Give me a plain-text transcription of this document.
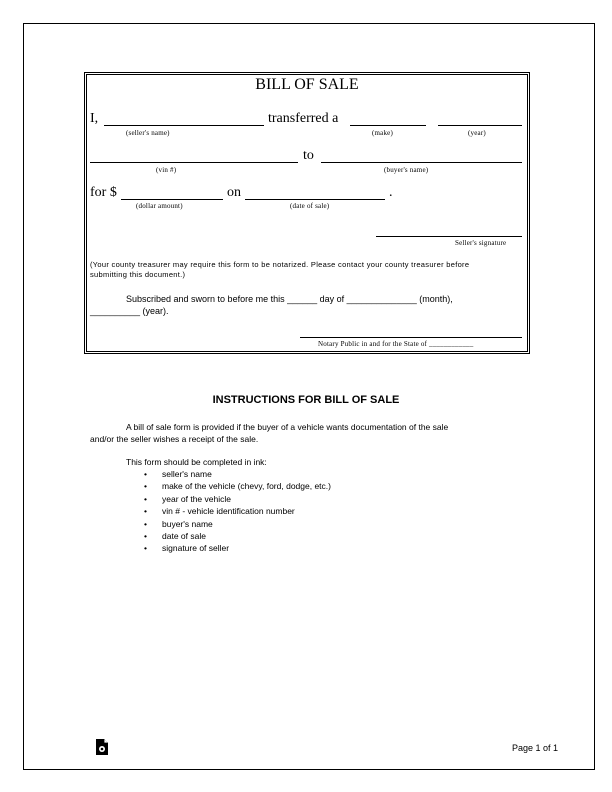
BILL OF SALE
I,	transferred a
(seller's name)	(make)	(year)
to
(vin #)	(buyer's name)
for $	on	.
(dollar amount)	(date of sale)
Seller's signature
(Your county treasurer may require this form to be notarized. Please contact your county treasurer before
submitting this document.)
Subscribed and sworn to before me this ______ day of ______________ (month),
__________ (year).
Notary Public in and for the State of ____________
INSTRUCTIONS FOR BILL OF SALE
A bill of sale form is provided if the buyer of a vehicle wants documentation of the sale
and/or the seller wishes a receipt of the sale.
This form should be completed in ink:
• seller's name
• make of the vehicle (chevy, ford, dodge, etc.)
• year of the vehicle
• vin # - vehicle identification number
• buyer's name
• date of sale
• signature of seller
Page 1 of 1
